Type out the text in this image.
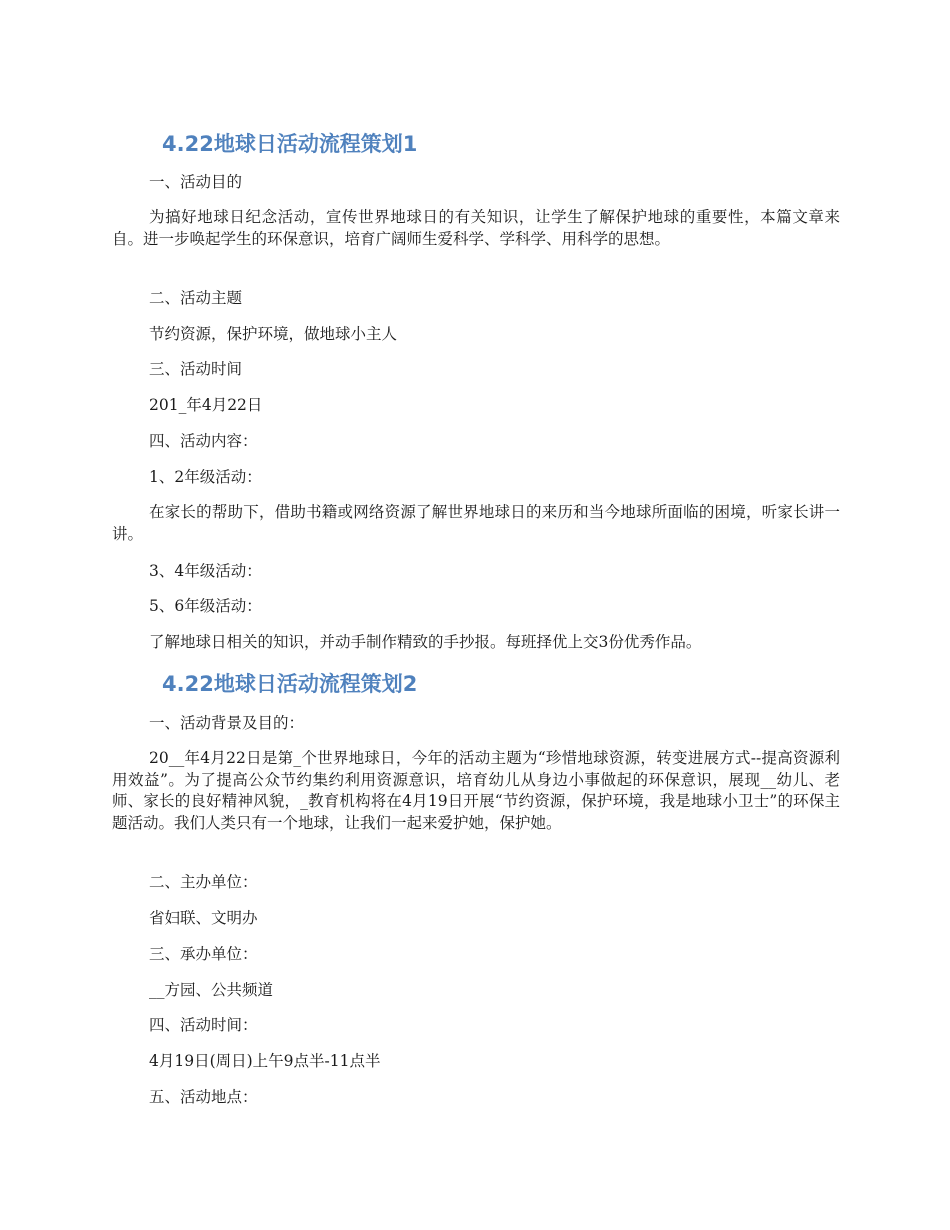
4.22地球日活动流程策划1

一、活动目的

为搞好地球日纪念活动，宣传世界地球日的有关知识，让学生了解保护地球的重要性，本篇文章来自。进一步唤起学生的环保意识，培育广阔师生爱科学、学科学、用科学的思想。

二、活动主题

节约资源，保护环境，做地球小主人

三、活动时间

201_年4月22日

四、活动内容：

1、2年级活动：

在家长的帮助下，借助书籍或网络资源了解世界地球日的来历和当今地球所面临的困境，听家长讲一讲。

3、4年级活动：

5、6年级活动：

了解地球日相关的知识，并动手制作精致的手抄报。每班择优上交3份优秀作品。

4.22地球日活动流程策划2

一、活动背景及目的：

20__年4月22日是第_个世界地球日，今年的活动主题为“珍惜地球资源，转变进展方式--提高资源利用效益”。为了提高公众节约集约利用资源意识，培育幼儿从身边小事做起的环保意识，展现__幼儿、老师、家长的良好精神风貌，_教育机构将在4月19日开展“节约资源，保护环境，我是地球小卫士”的环保主题活动。我们人类只有一个地球，让我们一起来爱护她，保护她。

二、主办单位：

省妇联、文明办

三、承办单位：

__方园、公共频道

四、活动时间：

4月19日(周日)上午9点半-11点半

五、活动地点：
